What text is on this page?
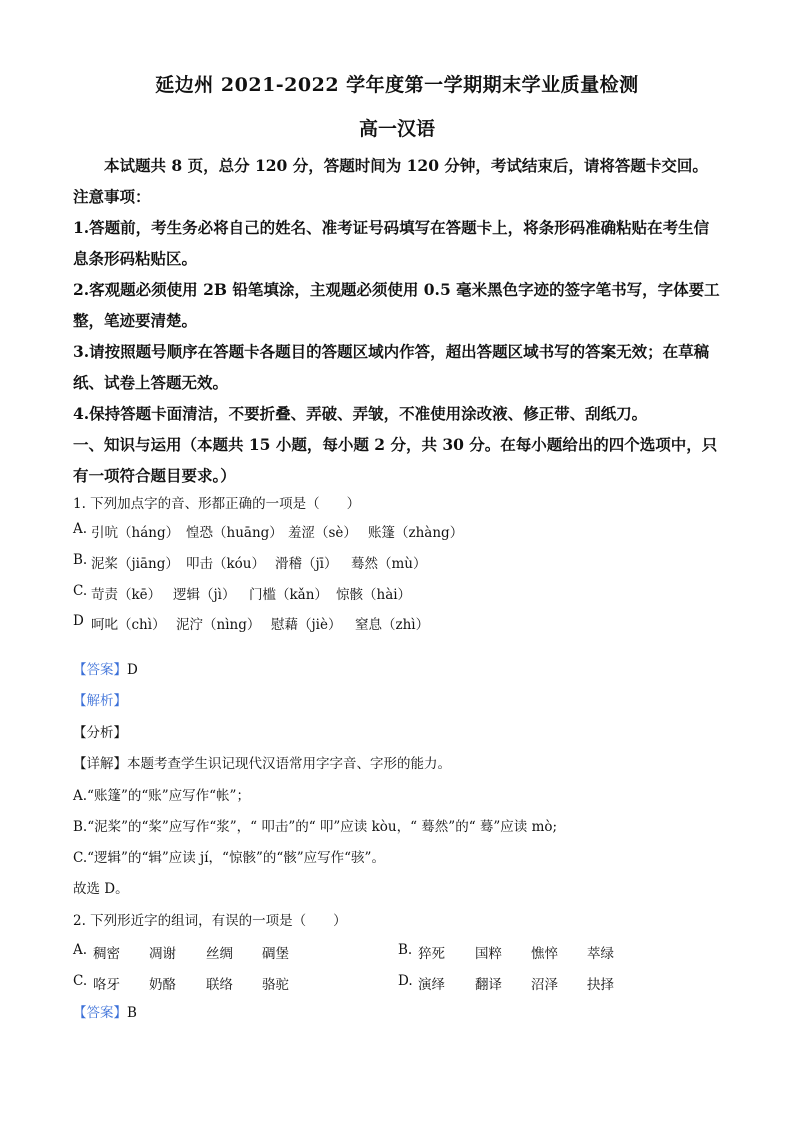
延边州 2021-2022 学年度第一学期期末学业质量检测
高一汉语
本试题共 8 页，总分 120 分，答题时间为 120 分钟，考试结束后，请将答题卡交回。
注意事项：
1.答题前，考生务必将自己的姓名、准考证号码填写在答题卡上，将条形码准确粘贴在考生信息条形码粘贴区。
2.客观题必须使用 2B 铅笔填涂，主观题必须使用 0.5 毫米黑色字迹的签字笔书写，字体要工整，笔迹要清楚。
3.请按照题号顺序在答题卡各题目的答题区域内作答，超出答题区域书写的答案无效；在草稿纸、试卷上答题无效。
4.保持答题卡面清洁，不要折叠、弄破、弄皱，不准使用涂改液、修正带、刮纸刀。
一、知识与运用（本题共 15 小题，每小题 2 分，共 30 分。在每小题给出的四个选项中，只有一项符合题目要求。）
1. 下列加点字的音、形都正确的一项是（　　）
A. 引吭（háng） 惶恐（huāng） 羞涩（sè） 账篷（zhàng）
B. 泥桨（jiāng） 叩击（kóu） 滑稽（jī） 蓦然（mù）
C. 苛责（kē） 逻辑（jì） 门槛（kǎn） 惊骸（hài）
D 呵叱（chì） 泥泞（nìng） 慰藉（jiè） 窒息（zhì）
【答案】D
【解析】
【分析】
【详解】本题考查学生识记现代汉语常用字字音、字形的能力。
A.“账篷”的“账”应写作“帐”；
B.“泥桨”的“桨”应写作“浆”，“ 叩击”的“ 叩”应读 kòu，“ 蓦然”的“ 蓦”应读 mò;
C.“逻辑”的“辑”应读 jí，“惊骸”的“骸”应写作“骇”。
故选 D。
2. 下列形近字的组词，有误的一项是（　　）
A. 稠密 凋谢 丝绸 碉堡	B. 猝死 国粹 憔悴 萃绿
C. 咯牙 奶酪 联络 骆驼	D. 演绎 翻译 沼泽 抉择
【答案】B
